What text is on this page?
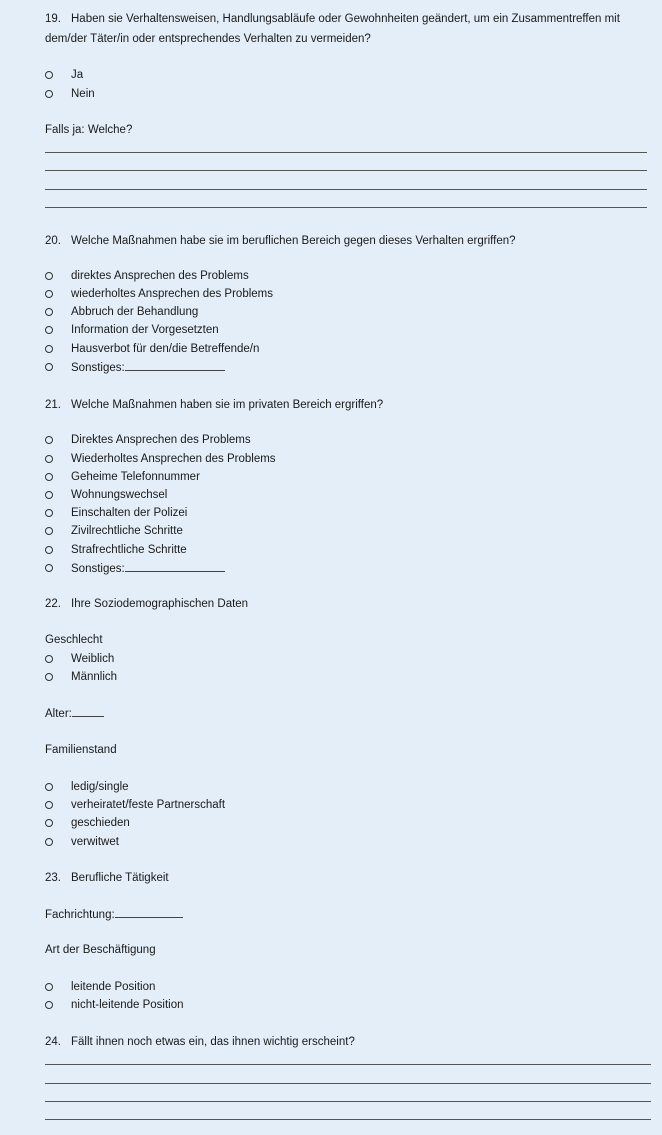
19. Haben sie Verhaltensweisen, Handlungsabläufe oder Gewohnheiten geändert, um ein Zusammentreffen mit
dem/der Täter/in oder entsprechendes Verhalten zu vermeiden?
Ja
Nein
Falls ja: Welche?
20. Welche Maßnahmen habe sie im beruflichen Bereich gegen dieses Verhalten ergriffen?
direktes Ansprechen des Problems
wiederholtes Ansprechen des Problems
Abbruch der Behandlung
Information der Vorgesetzten
Hausverbot für den/die Betreffende/n
Sonstiges:
21. Welche Maßnahmen haben sie im privaten Bereich ergriffen?
Direktes Ansprechen des Problems
Wiederholtes Ansprechen des Problems
Geheime Telefonnummer
Wohnungswechsel
Einschalten der Polizei
Zivilrechtliche Schritte
Strafrechtliche Schritte
Sonstiges:
22. Ihre Soziodemographischen Daten
Geschlecht
Weiblich
Männlich
Alter:
Familienstand
ledig/single
verheiratet/feste Partnerschaft
geschieden
verwitwet
23. Berufliche Tätigkeit
Fachrichtung:
Art der Beschäftigung
leitende Position
nicht-leitende Position
24. Fällt ihnen noch etwas ein, das ihnen wichtig erscheint?
